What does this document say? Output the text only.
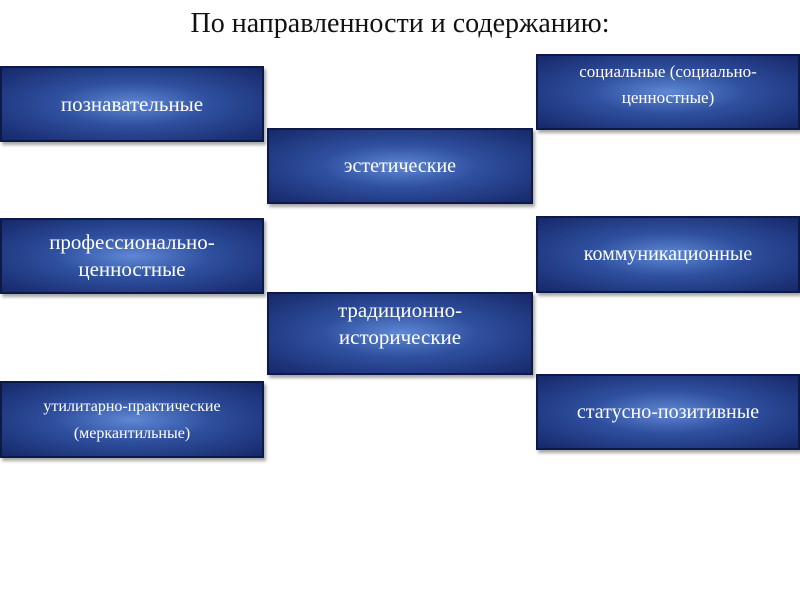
По направленности и содержанию:
познавательные
эстетические
социальные (социально-ценностные)
профессионально-ценностные
коммуникационные
традиционно-исторические
утилитарно-практические (меркантильные)
статусно-позитивные
